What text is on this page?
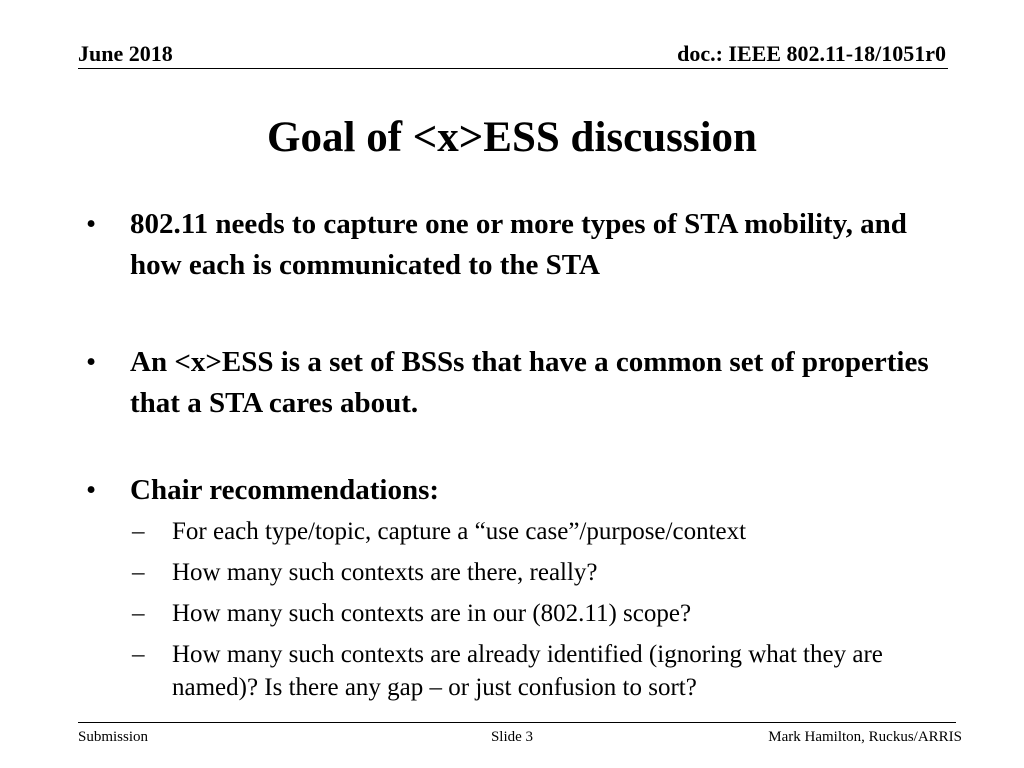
June 2018	doc.: IEEE 802.11-18/1051r0
Goal of <x>ESS discussion
•	802.11 needs to capture one or more types of STA mobility, and how each is communicated to the STA
•	An <x>ESS is a set of BSSs that have a common set of properties that a STA cares about.
•	Chair recommendations:
–	For each type/topic, capture a “use case”/purpose/context
–	How many such contexts are there, really?
–	How many such contexts are in our (802.11) scope?
–	How many such contexts are already identified (ignoring what they are named)? Is there any gap – or just confusion to sort?
Submission	Slide 3	Mark Hamilton, Ruckus/ARRIS
